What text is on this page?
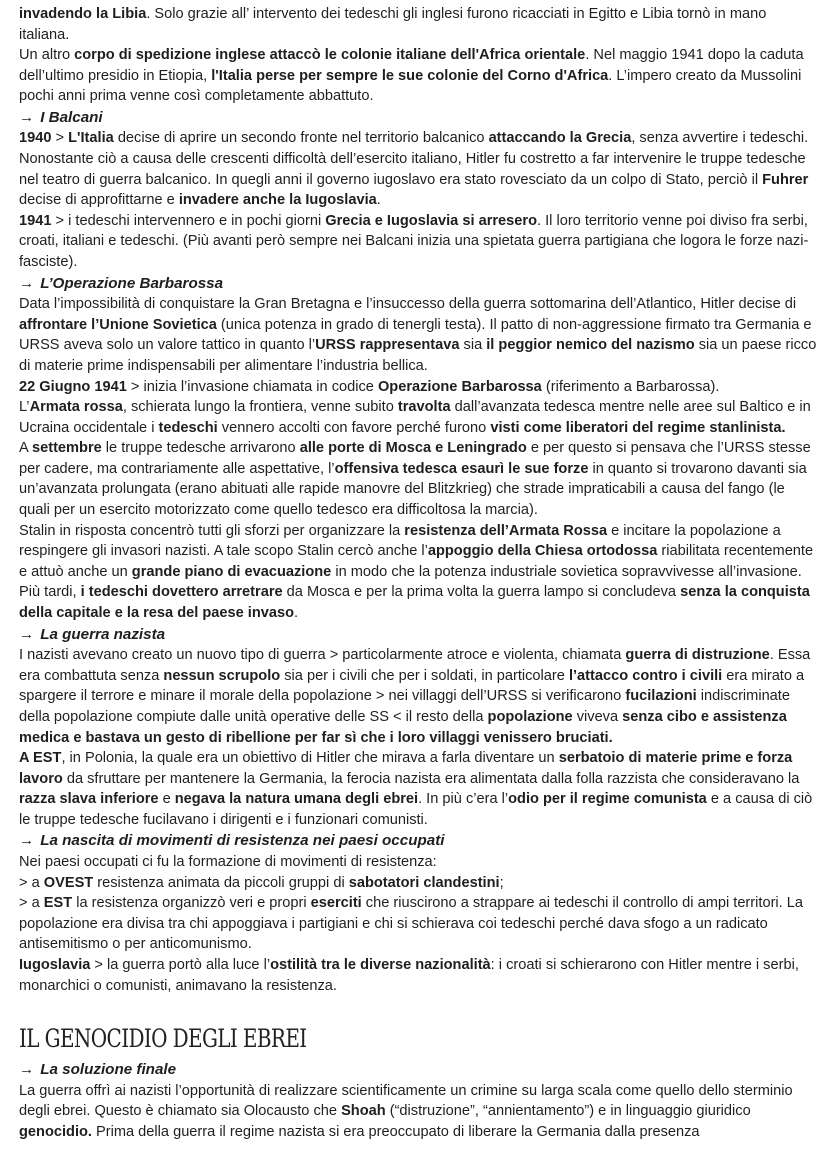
invadendo la Libia. Solo grazie all’ intervento dei tedeschi gli inglesi furono ricacciati in Egitto e Libia tornò in mano italiana.

Un altro corpo di spedizione inglese attaccò le colonie italiane dell'Africa orientale. Nel maggio 1941 dopo la caduta dell’ultimo presidio in Etiopia, l'Italia perse per sempre le sue colonie del Corno d'Africa. L’impero creato da Mussolini pochi anni prima venne così completamente abbattuto.

→ I Balcani

1940 > L'Italia decise di aprire un secondo fronte nel territorio balcanico attaccando la Grecia, senza avvertire i tedeschi. Nonostante ciò a causa delle crescenti difficoltà dell’esercito italiano, Hitler fu costretto a far intervenire le truppe tedesche nel teatro di guerra balcanico. In quegli anni il governo iugoslavo era stato rovesciato da un colpo di Stato, perciò il Fuhrer decise di approfittarne e invadere anche la Iugoslavia.

1941 > i tedeschi intervennero e in pochi giorni Grecia e Iugoslavia si arresero. Il loro territorio venne poi diviso fra serbi, croati, italiani e tedeschi. (Più avanti però sempre nei Balcani inizia una spietata guerra partigiana che logora le forze nazi-fasciste).

→ L’Operazione Barbarossa

Data l’impossibilità di conquistare la Gran Bretagna e l’insuccesso della guerra sottomarina dell’Atlantico, Hitler decise di affrontare l’Unione Sovietica (unica potenza in grado di tenergli testa). Il patto di non-aggressione firmato tra Germania e URSS aveva solo un valore tattico in quanto l’URSS rappresentava sia il peggior nemico del nazismo sia un paese ricco di materie prime indispensabili per alimentare l’industria bellica.

22 Giugno 1941 > inizia l’invasione chiamata in codice Operazione Barbarossa (riferimento a Barbarossa).

L’Armata rossa, schierata lungo la frontiera, venne subito travolta dall’avanzata tedesca mentre nelle aree sul Baltico e in Ucraina occidentale i tedeschi vennero accolti con favore perché furono visti come liberatori del regime stanlinista.

A settembre le truppe tedesche arrivarono alle porte di Mosca e Leningrado e per questo si pensava che l’URSS stesse per cadere, ma contrariamente alle aspettative, l’offensiva tedesca esaurì le sue forze in quanto si trovarono davanti sia un’avanzata prolungata (erano abituati alle rapide manovre del Blitzkrieg) che strade impraticabili a causa del fango (le quali per un esercito motorizzato come quello tedesco era difficoltosa la marcia).

Stalin in risposta concentrò tutti gli sforzi per organizzare la resistenza dell’Armata Rossa e incitare la popolazione a respingere gli invasori nazisti. A tale scopo Stalin cercò anche l’appoggio della Chiesa ortodossa riabilitata recentemente e attuò anche un grande piano di evacuazione in modo che la potenza industriale sovietica sopravvivesse all’invasione. Più tardi, i tedeschi dovettero arretrare da Mosca e per la prima volta la guerra lampo si concludeva senza la conquista della capitale e la resa del paese invaso.

→ La guerra nazista

I nazisti avevano creato un nuovo tipo di guerra > particolarmente atroce e violenta, chiamata guerra di distruzione. Essa era combattuta senza nessun scrupolo sia per i civili che per i soldati, in particolare l’attacco contro i civili era mirato a spargere il terrore e minare il morale della popolazione > nei villaggi dell’URSS si verificarono fucilazioni indiscriminate della popolazione compiute dalle unità operative delle SS < il resto della popolazione viveva senza cibo e assistenza medica e bastava un gesto di ribellione per far sì che i loro villaggi venissero bruciati.

A EST, in Polonia, la quale era un obiettivo di Hitler che mirava a farla diventare un serbatoio di materie prime e forza lavoro da sfruttare per mantenere la Germania, la ferocia nazista era alimentata dalla folla razzista che consideravano la razza slava inferiore e negava la natura umana degli ebrei. In più c’era l’odio per il regime comunista e a causa di ciò le truppe tedesche fucilavano i dirigenti e i funzionari comunisti.

→ La nascita di movimenti di resistenza nei paesi occupati

Nei paesi occupati ci fu la formazione di movimenti di resistenza:

> a OVEST resistenza animata da piccoli gruppi di sabotatori clandestini;

> a EST la resistenza organizzò veri e propri eserciti che riuscirono a strappare ai tedeschi il controllo di ampi territori. La popolazione era divisa tra chi appoggiava i partigiani e chi si schierava coi tedeschi perché dava sfogo a un radicato antisemitismo o per anticomunismo.

Iugoslavia > la guerra portò alla luce l’ostilità tra le diverse nazionalità: i croati si schierarono con Hitler mentre i serbi, monarchici o comunisti, animavano la resistenza.

IL GENOCIDIO DEGLI EBREI
→ La soluzione finale

La guerra offrì ai nazisti l’opportunità di realizzare scientificamente un crimine su larga scala come quello dello sterminio degli ebrei. Questo è chiamato sia Olocausto che Shoah (“distruzione”, “annientamento”) e in linguaggio giuridico genocidio. Prima della guerra il regime nazista si era preoccupato di liberare la Germania dalla presenza
